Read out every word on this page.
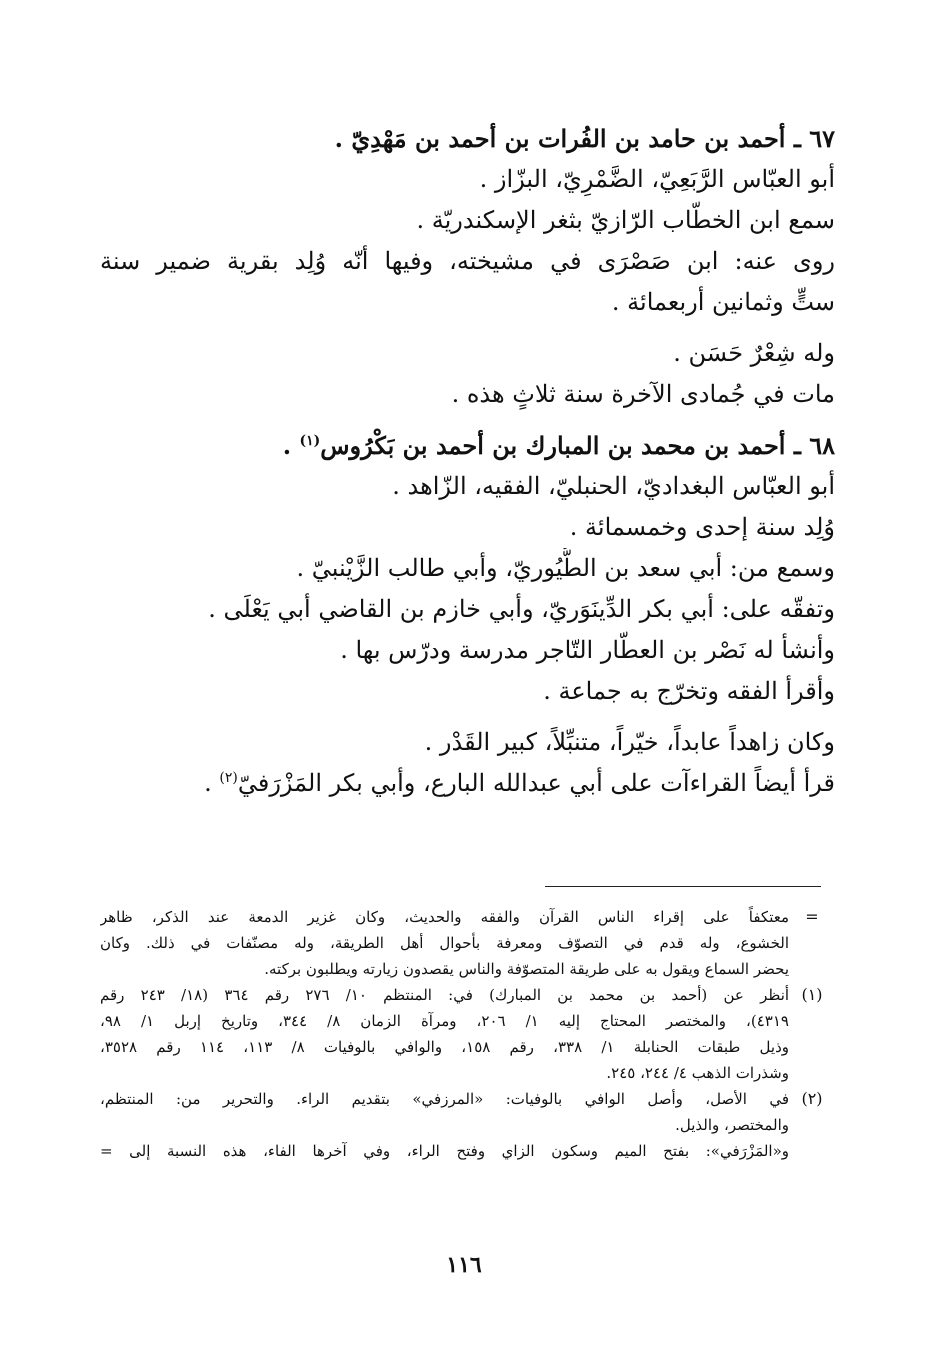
٦٧ ـ أحمد بن حامد بن الفُرات بن أحمد بن مَهْدِيّ .
أبو العبّاس الرَّبَعِيّ، الضَّمْرِيّ، البزّاز .
سمع ابن الخطّاب الرّازيّ بثغر الإسكندريّة .
روى عنه: ابن صَصْرَى في مشيخته، وفيها أنّه وُلِد بقرية ضمير سنة
ستٍّ وثمانين أربعمائة .
وله شِعْرٌ حَسَن .
مات في جُمادى الآخرة سنة ثلاثٍ هذه .
٦٨ ـ أحمد بن محمد بن المبارك بن أحمد بن بَكْرُوس$^{(١)}$ .
أبو العبّاس البغداديّ، الحنبليّ، الفقيه، الزّاهد .
وُلِد سنة إحدى وخمسمائة .
وسمع من: أبي سعد بن الطُّيُوريّ، وأبي طالب الزَّيْنبيّ .
وتفقّه على: أبي بكر الدِّينَوَريّ، وأبي خازم بن القاضي أبي يَعْلَى .
وأنشأ له نَصْر بن العطّار التّاجر مدرسة ودرّس بها .
وأقرأ الفقه وتخرّج به جماعة .
وكان زاهداً عابداً، خيّراً، متنبِّلاً، كبير القَدْر .
قرأ أيضاً القراءآت على أبي عبدالله البارع، وأبي بكر المَزْرَفيّ$^{(٢)}$ .
=
معتكفاً على إقراء الناس القرآن والفقه والحديث، وكان غزير الدمعة عند الذكر، ظاهر
الخشوع، وله قدم في التصوّف ومعرفة بأحوال أهل الطريقة، وله مصنّفات في ذلك. وكان
يحضر السماع ويقول به على طريقة المتصوّفة والناس يقصدون زيارته ويطلبون بركته.
(١)
أنظر عن (أحمد بن محمد بن المبارك) في: المنتظم ١٠/ ٢٧٦ رقم ٣٦٤ (١٨/ ٢٤٣ رقم
٤٣١٩)، والمختصر المحتاج إليه ١/ ٢٠٦، ومرآة الزمان ٨/ ٣٤٤، وتاريخ إربل ١/ ٩٨،
وذيل طبقات الحنابلة ١/ ٣٣٨، رقم ١٥٨، والوافي بالوفيات ٨/ ١١٣، ١١٤ رقم ٣٥٢٨،
وشذرات الذهب ٤/ ٢٤٤، ٢٤٥.
(٢)
في الأصل، وأصل الوافي بالوفيات: «المرزفي» بتقديم الراء. والتحرير من: المنتظم،
والمختصر، والذيل.
و«المَزْرَفي»: بفتح الميم وسكون الزاي وفتح الراء، وفي آخرها الفاء، هذه النسبة إلى =
١١٦
